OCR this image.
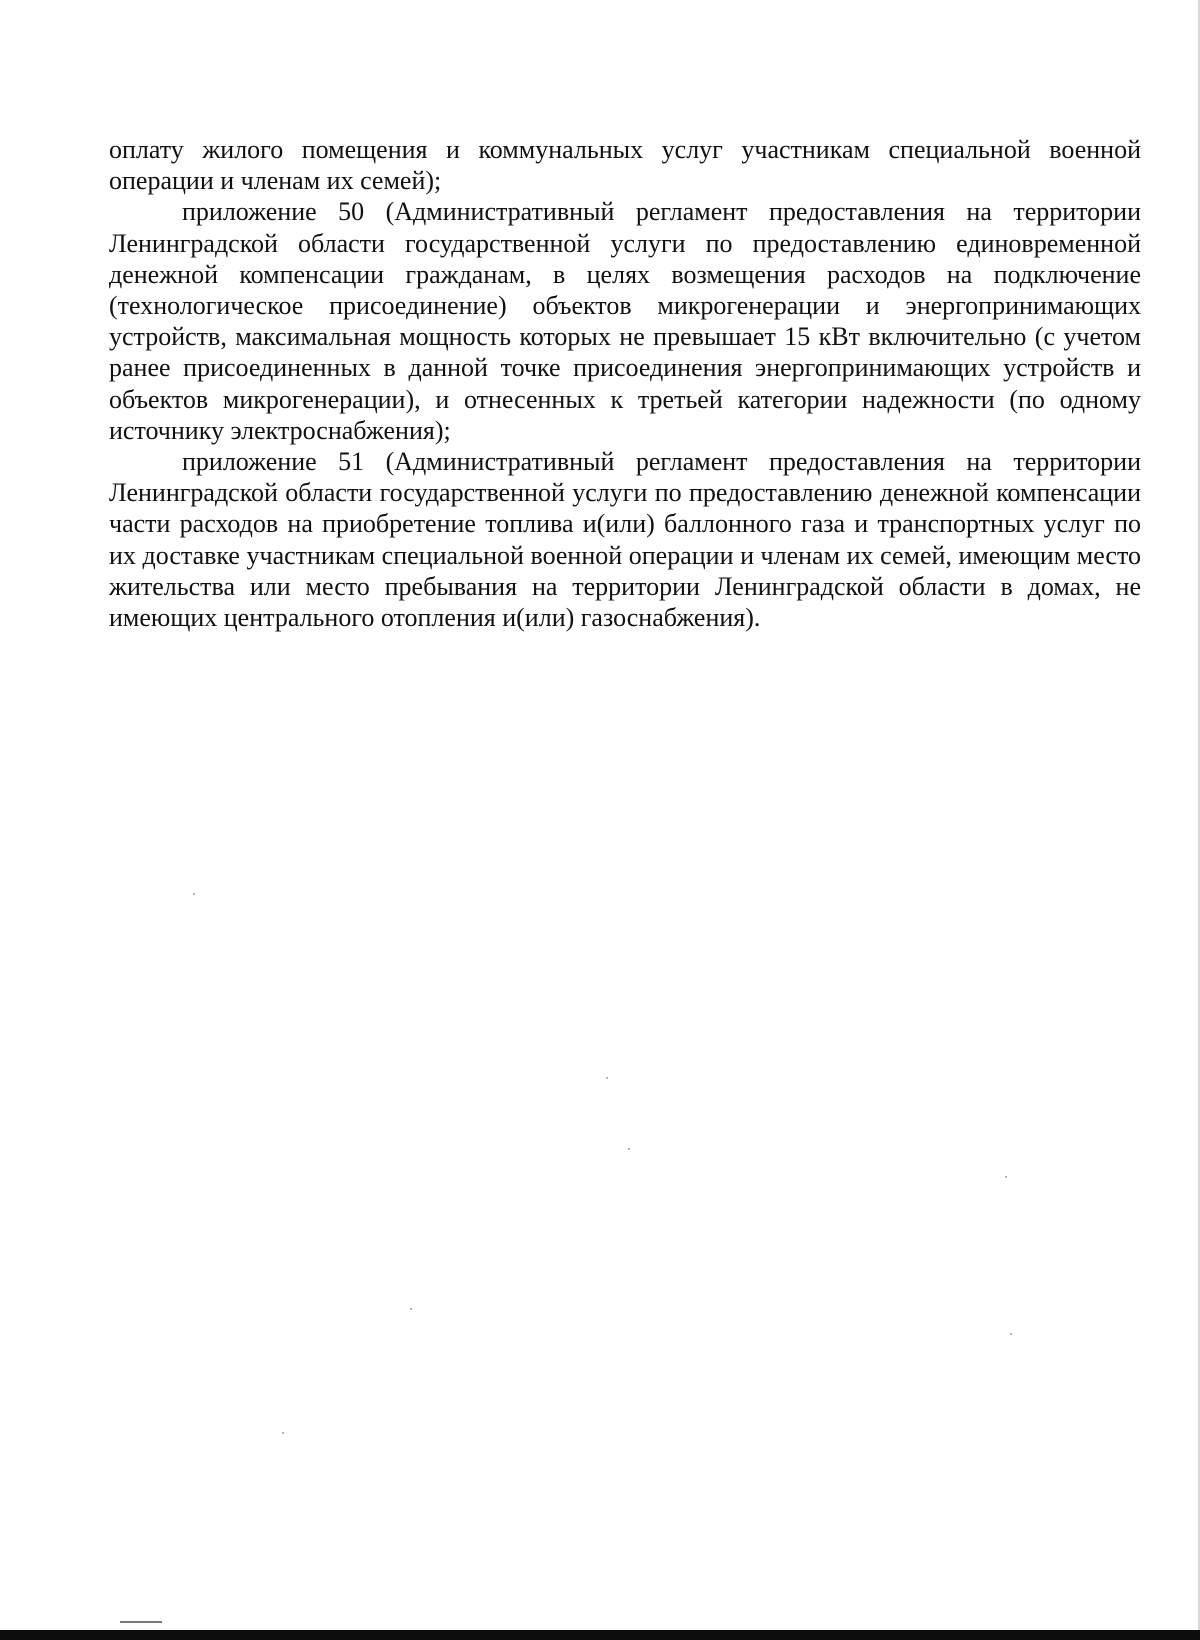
оплату жилого помещения и коммунальных услуг участникам специальной военной операции и членам их семей);

приложение 50 (Административный регламент предоставления на территории Ленинградской области государственной услуги по предоставлению единовременной денежной компенсации гражданам, в целях возмещения расходов на подключение (технологическое присоединение) объектов микрогенерации и энергопринимающих устройств, максимальная мощность которых не превышает 15 кВт включительно (с учетом ранее присоединенных в данной точке присоединения энергопринимающих устройств и объектов микрогенерации), и отнесенных к третьей категории надежности (по одному источнику электроснабжения);

приложение 51 (Административный регламент предоставления на территории Ленинградской области государственной услуги по предоставлению денежной компенсации части расходов на приобретение топлива и(или) баллонного газа и транспортных услуг по их доставке участникам специальной военной операции и членам их семей, имеющим место жительства или место пребывания на территории Ленинградской области в домах, не имеющих центрального отопления и(или) газоснабжения).
